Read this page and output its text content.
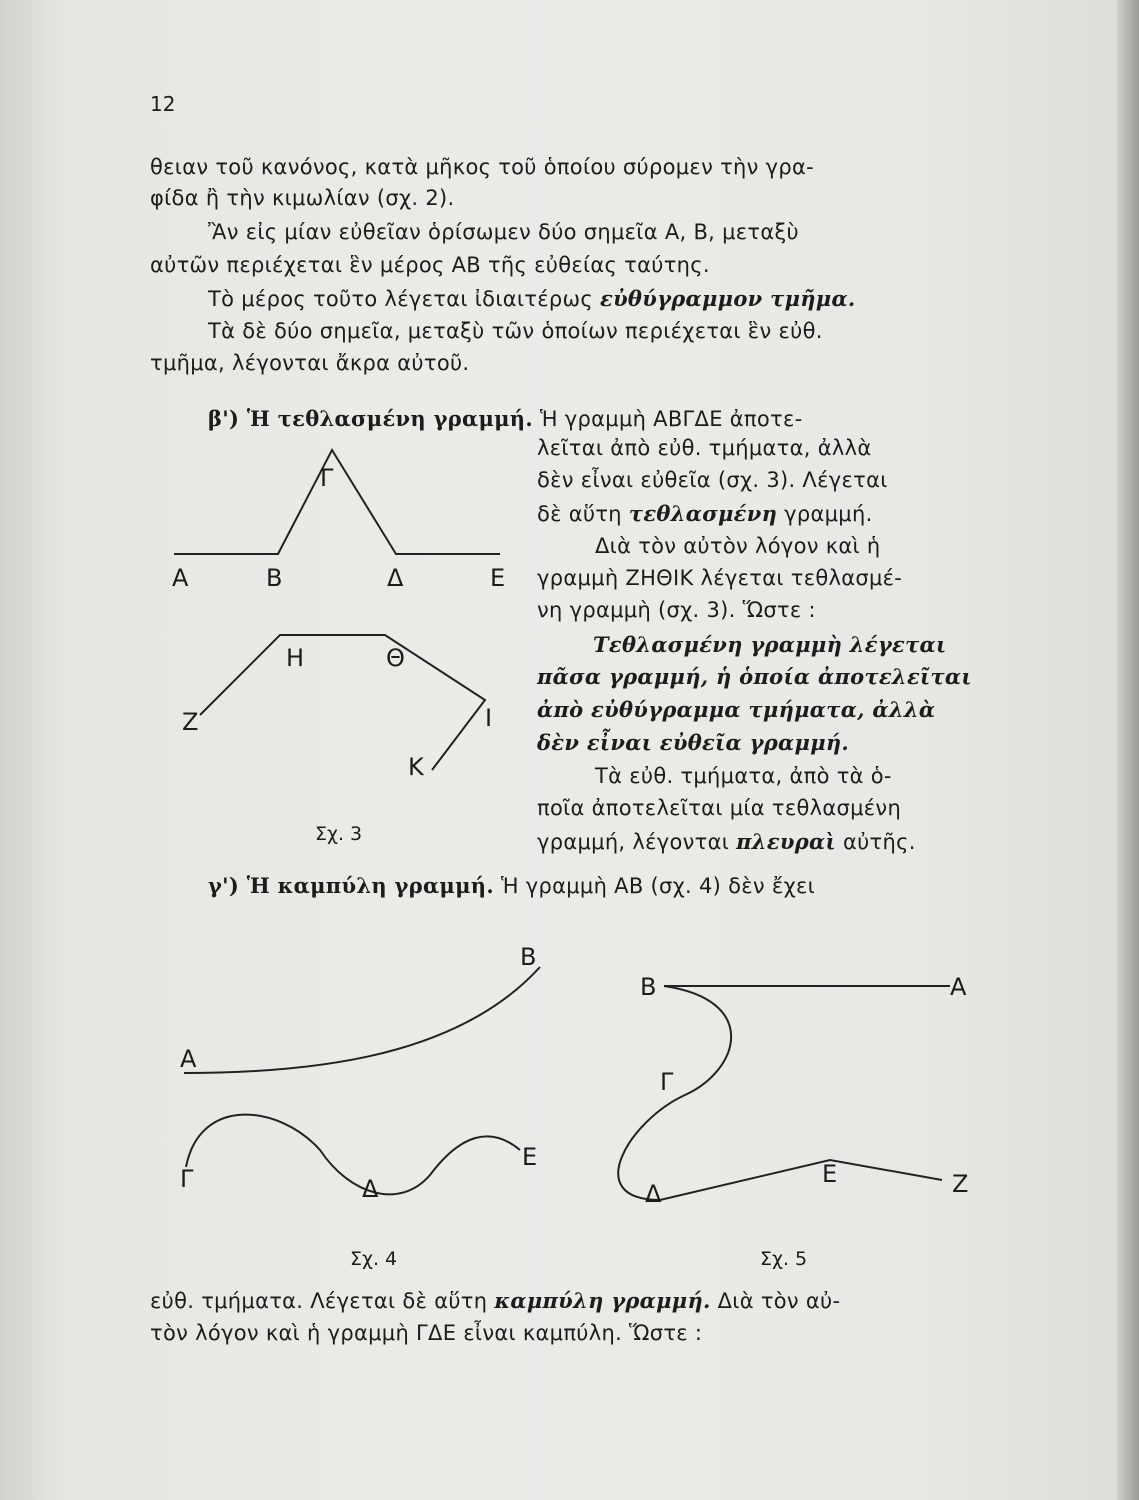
12
θειαν τοῦ κανόνος, κατὰ μῆκος τοῦ ὁποίου σύρομεν τὴν γρα-
φίδα ἢ τὴν κιμωλίαν (σχ. 2).
Ἂν εἰς μίαν εὐθεῖαν ὁρίσωμεν δύο σημεῖα Α, Β, μεταξὺ
αὐτῶν περιέχεται ἓν μέρος ΑΒ τῆς εὐθείας ταύτης.
Τὸ μέρος τοῦτο λέγεται ἰδιαιτέρως εὐθύγραμμον τμῆμα.
Τὰ δὲ δύο σημεῖα, μεταξὺ τῶν ὁποίων περιέχεται ἓν εὐθ.
τμῆμα, λέγονται ἄκρα αὐτοῦ.
β') Ἡ τεθλασμένη γραμμή. Ἡ γραμμὴ ΑΒΓΔΕ ἀποτε-
λεῖται ἀπὸ εὐθ. τμήματα, ἀλλὰ
δὲν εἶναι εὐθεῖα (σχ. 3). Λέγεται
δὲ αὕτη τεθλασμένη γραμμή.
Διὰ τὸν αὐτὸν λόγον καὶ ἡ
γραμμὴ ΖΗΘΙΚ λέγεται τεθλασμέ-
νη γραμμὴ (σχ. 3). Ὥστε :
Τεθλασμένη γραμμὴ λέγεται
πᾶσα γραμμή, ἡ ὁποία ἀποτελεῖται
ἀπὸ εὐθύγραμμα τμήματα, ἀλλὰ
δὲν εἶναι εὐθεῖα γραμμή.
Τὰ εὐθ. τμήματα, ἀπὸ τὰ ὁ-
ποῖα ἀποτελεῖται μία τεθλασμένη
γραμμή, λέγονται πλευραὶ αὐτῆς.
Α	Β
Γ
Δ	Ε
Ζ
Η	Θ
Ι
Κ
Σχ. 3
γ') Ἡ καμπύλη γραμμή. Ἡ γραμμὴ ΑΒ (σχ. 4) δὲν ἔχει
Β
Α
Γ	Δ
Ε
Σχ. 4
Β	Α
Γ
Δ
Ε	Ζ
Σχ. 5
εὐθ. τμήματα. Λέγεται δὲ αὕτη καμπύλη γραμμή. Διὰ τὸν αὐ-
τὸν λόγον καὶ ἡ γραμμὴ ΓΔΕ εἶναι καμπύλη. Ὥστε :
